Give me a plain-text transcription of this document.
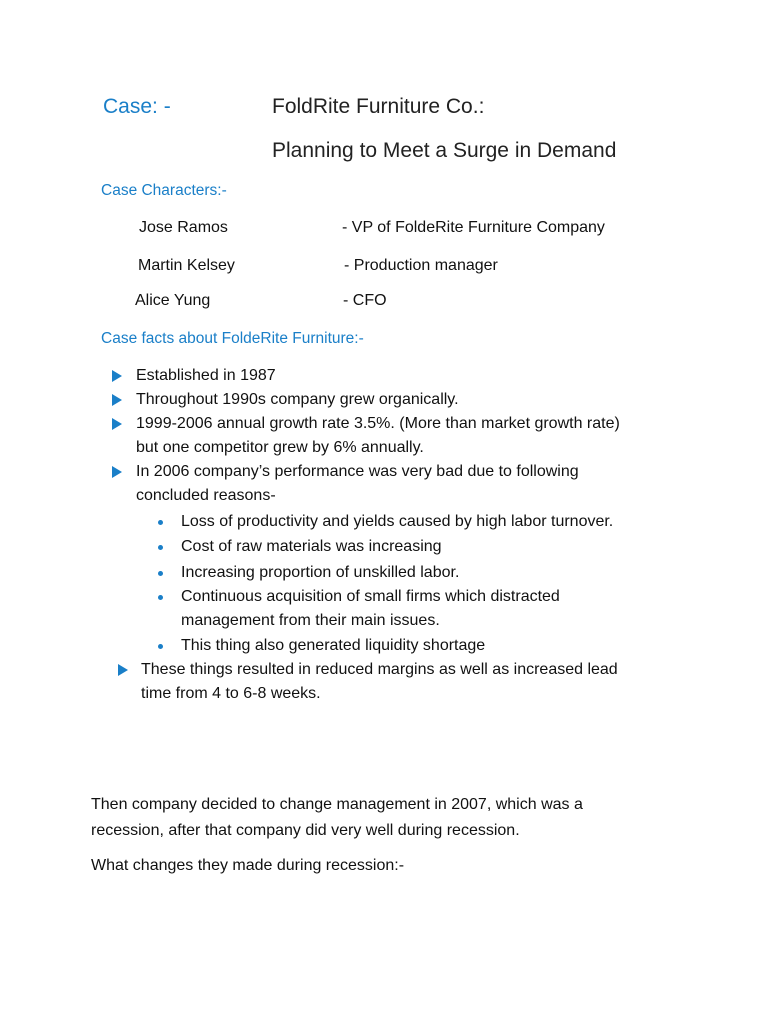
Case: -	FoldRite Furniture Co.:
Planning to Meet a Surge in Demand
Case Characters:-
Jose Ramos	- VP of FoldeRite Furniture Company
Martin Kelsey	- Production manager
Alice Yung	- CFO
Case facts about FoldeRite Furniture:-
Established in 1987
Throughout 1990s company grew organically.
1999-2006 annual growth rate 3.5%. (More than market growth rate)
but one competitor grew by 6% annually.
In 2006 company’s performance was very bad due to following
concluded reasons-
Loss of productivity and yields caused by high labor turnover.
Cost of raw materials was increasing
Increasing proportion of unskilled labor.
Continuous acquisition of small firms which distracted
management from their main issues.
This thing also generated liquidity shortage
These things resulted in reduced margins as well as increased lead
time from 4 to 6-8 weeks.
Then company decided to change management in 2007, which was a
recession, after that company did very well during recession.
What changes they made during recession:-
